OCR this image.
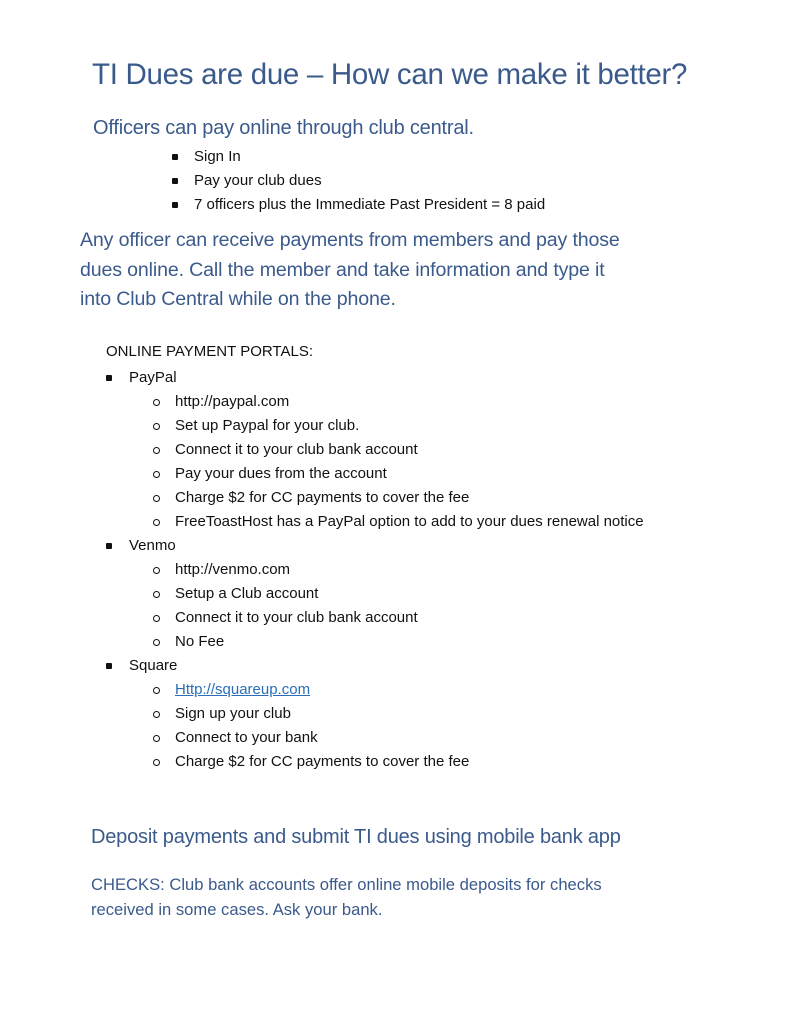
TI Dues are due – How can we make it better?
Officers can pay online through club central.
Sign In
Pay your club dues
7 officers plus the Immediate Past President = 8 paid
Any officer can receive payments from members and pay those
dues online. Call the member and take information and type it
into Club Central while on the phone.
ONLINE PAYMENT PORTALS:
PayPal
http://paypal.com
Set up Paypal for your club.
Connect it to your club bank account
Pay your dues from the account
Charge $2 for CC payments to cover the fee
FreeToastHost has a PayPal option to add to your dues renewal notice
Venmo
http://venmo.com
Setup a Club account
Connect it to your club bank account
No Fee
Square
Http://squareup.com
Sign up your club
Connect to your bank
Charge $2 for CC payments to cover the fee
Deposit payments and submit TI dues using mobile bank app
CHECKS: Club bank accounts offer online mobile deposits for checks
received in some cases. Ask your bank.
